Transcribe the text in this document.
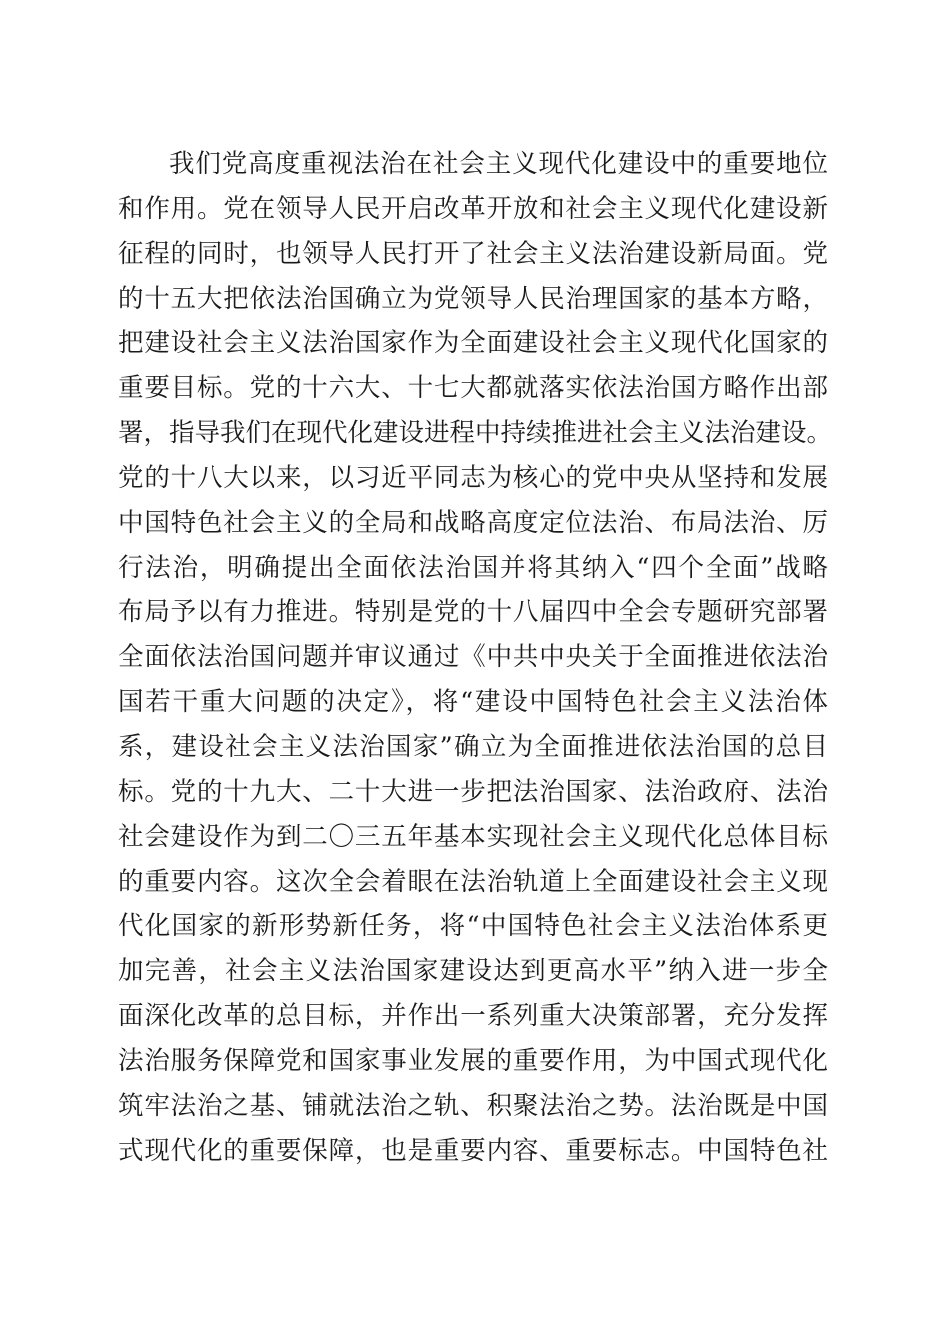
我们党高度重视法治在社会主义现代化建设中的重要地位
和作用。党在领导人民开启改革开放和社会主义现代化建设新
征程的同时，也领导人民打开了社会主义法治建设新局面。党
的十五大把依法治国确立为党领导人民治理国家的基本方略，
把建设社会主义法治国家作为全面建设社会主义现代化国家的
重要目标。党的十六大、十七大都就落实依法治国方略作出部
署，指导我们在现代化建设进程中持续推进社会主义法治建设。
党的十八大以来，以习近平同志为核心的党中央从坚持和发展
中国特色社会主义的全局和战略高度定位法治、布局法治、厉
行法治，明确提出全面依法治国并将其纳入“四个全面”战略
布局予以有力推进。特别是党的十八届四中全会专题研究部署
全面依法治国问题并审议通过《中共中央关于全面推进依法治
国若干重大问题的决定》，将“建设中国特色社会主义法治体
系，建设社会主义法治国家”确立为全面推进依法治国的总目
标。党的十九大、二十大进一步把法治国家、法治政府、法治
社会建设作为到二〇三五年基本实现社会主义现代化总体目标
的重要内容。这次全会着眼在法治轨道上全面建设社会主义现
代化国家的新形势新任务，将“中国特色社会主义法治体系更
加完善，社会主义法治国家建设达到更高水平”纳入进一步全
面深化改革的总目标，并作出一系列重大决策部署，充分发挥
法治服务保障党和国家事业发展的重要作用，为中国式现代化
筑牢法治之基、铺就法治之轨、积聚法治之势。法治既是中国
式现代化的重要保障，也是重要内容、重要标志。中国特色社
